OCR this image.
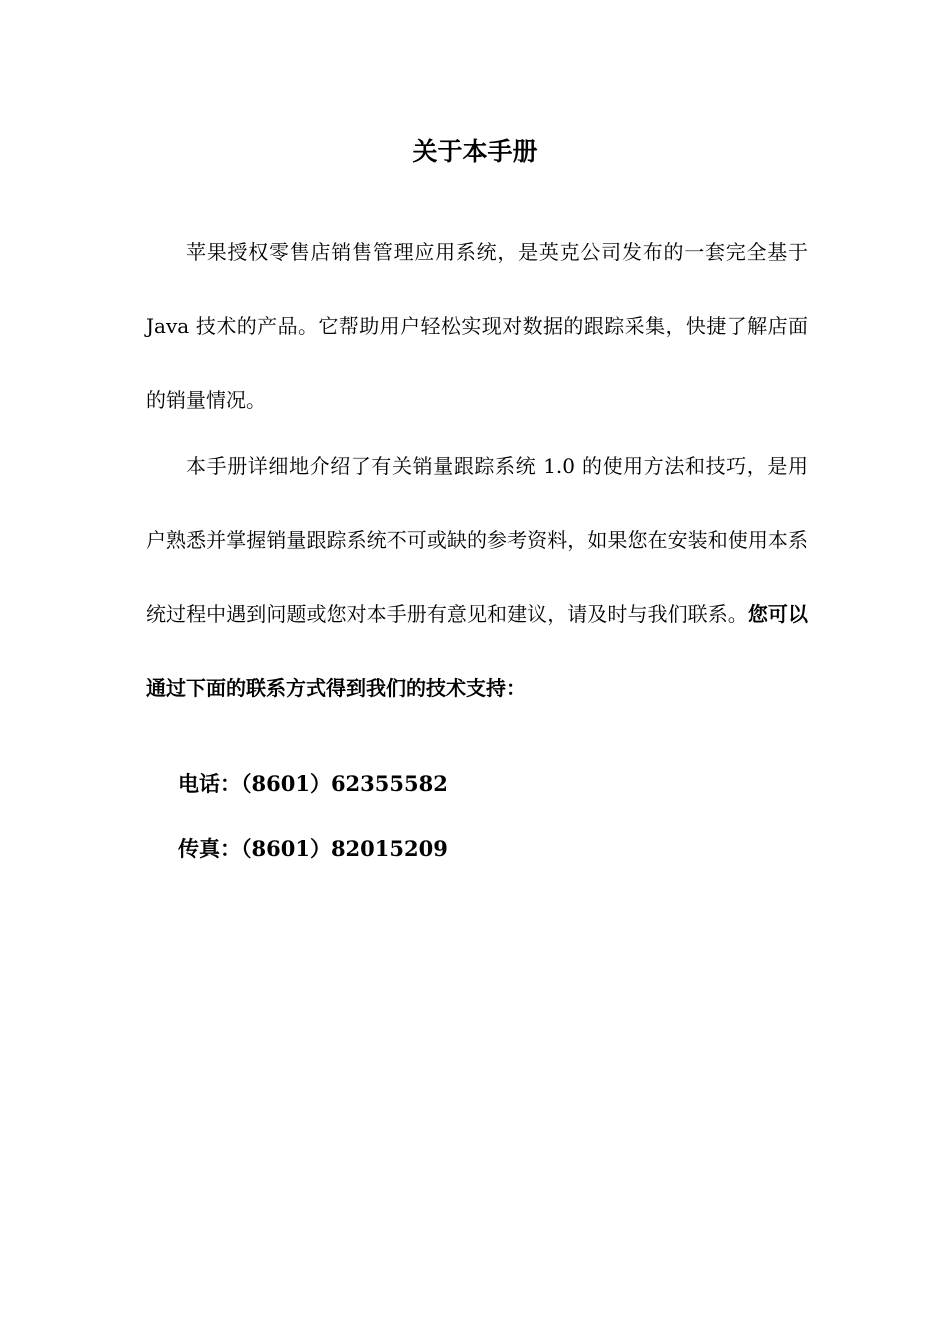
关于本手册

苹果授权零售店销售管理应用系统，是英克公司发布的一套完全基于 Java 技术的产品。它帮助用户轻松实现对数据的跟踪采集，快捷了解店面的销量情况。

本手册详细地介绍了有关销量跟踪系统 1.0 的使用方法和技巧，是用户熟悉并掌握销量跟踪系统不可或缺的参考资料，如果您在安装和使用本系统过程中遇到问题或您对本手册有意见和建议，请及时与我们联系。您可以通过下面的联系方式得到我们的技术支持：

电话：（8601）62355582

传真：（8601）82015209
